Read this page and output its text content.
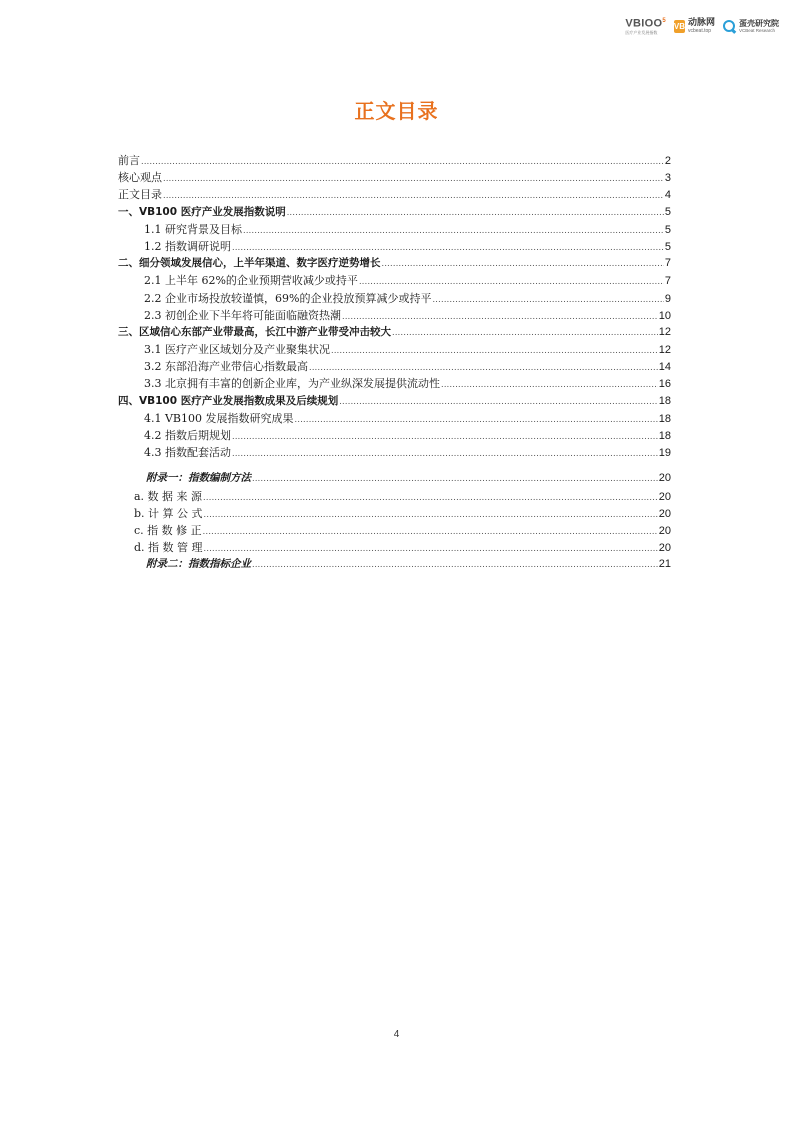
VBIOO$^5$
医疗产业发展指数
VB 动脉网
vcbeat.top
蛋壳研究院
VCBeat Research
正文目录
前言 .....	2
核心观点 .....	3
正文目录 .....	4
一、VB100 医疗产业发展指数说明 .....	5
1.1 研究背景及目标 .....	5
1.2 指数调研说明 .....	5
二、细分领域发展信心，上半年渠道、数字医疗逆势增长 .....	7
2.1 上半年 62%的企业预期营收减少或持平 .....	7
2.2 企业市场投放较谨慎，69%的企业投放预算减少或持平 .....	9
2.3 初创企业下半年将可能面临融资热潮 .....	10
三、区域信心东部产业带最高，长江中游产业带受冲击较大 .....	12
3.1 医疗产业区域划分及产业聚集状况 .....	12
3.2 东部沿海产业带信心指数最高 .....	14
3.3 北京拥有丰富的创新企业库，为产业纵深发展提供流动性 .....	16
四、VB100 医疗产业发展指数成果及后续规划 .....	18
4.1 VB100 发展指数研究成果 .....	18
4.2 指数后期规划 .....	18
4.3 指数配套活动 .....	19
附录一：指数编制方法 .....	20
a. 数 据 来 源 .....	20
b. 计 算 公 式 .....	20
c. 指 数 修 正 .....	20
d. 指 数 管 理 .....	20
附录二：指数指标企业 .....	21
4
